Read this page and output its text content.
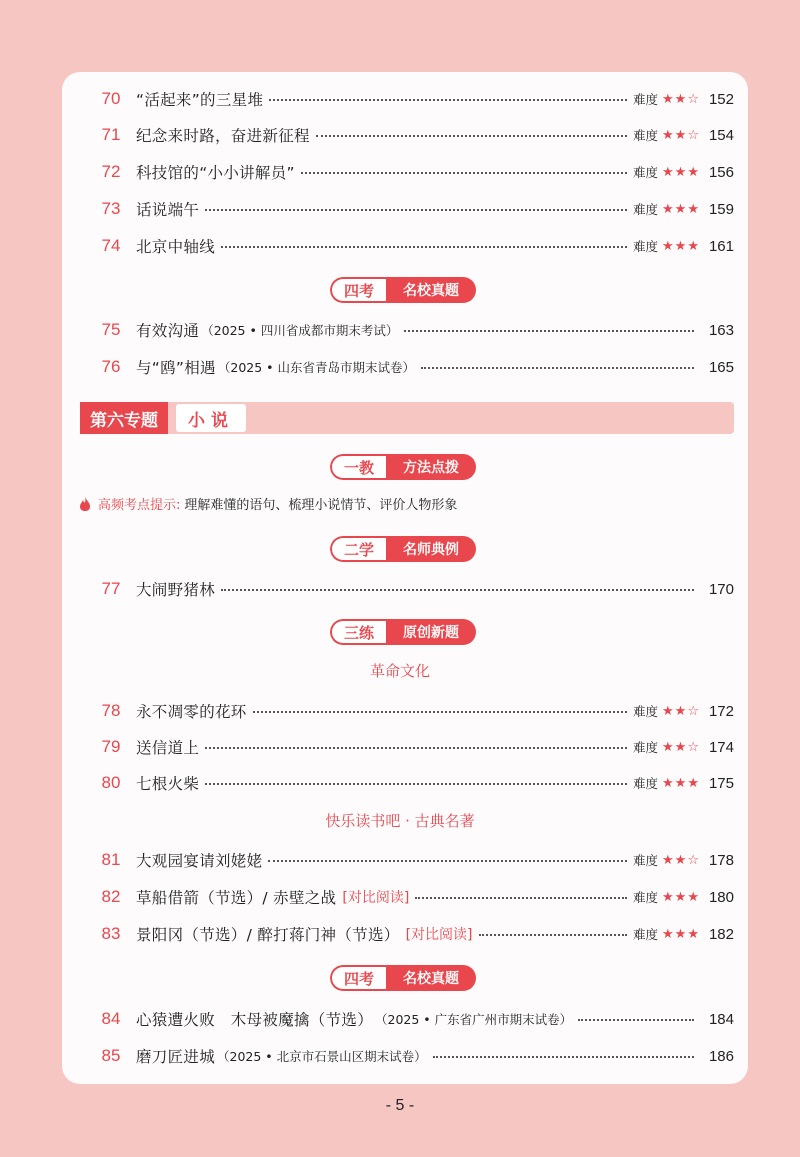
70	“活起来”的三星堆	难度 ★★☆ 152
71	纪念来时路，奋进新征程	难度 ★★☆ 154
72	科技馆的“小小讲解员”	难度 ★★★ 156
73	话说端午	难度 ★★★ 159
74	北京中轴线	难度 ★★★ 161
四考	名校真题
75	有效沟通 （2025 • 四川省成都市期末考试）	163
76	与“鸥”相遇 （2025 • 山东省青岛市期末试卷）	165
第六专题	小说
一教	方法点拨
高频考点提示: 理解难懂的语句、梳理小说情节、评价人物形象
二学	名师典例
77	大闹野猪林	170
三练	原创新题
革命文化
78	永不凋零的花环	难度 ★★☆ 172
79	送信道上	难度 ★★☆ 174
80	七根火柴	难度 ★★★ 175
快乐读书吧 · 古典名著
81	大观园宴请刘姥姥	难度 ★★☆ 178
82	草船借箭（节选）/ 赤壁之战 [对比阅读]	难度 ★★★ 180
83	景阳冈（节选）/ 醉打蒋门神（节选） [对比阅读]	难度 ★★★ 182
四考	名校真题
84	心猿遭火败　木母被魔擒（节选） （2025 • 广东省广州市期末试卷）	184
85	磨刀匠进城 （2025 • 北京市石景山区期末试卷）	186
- 5 -
